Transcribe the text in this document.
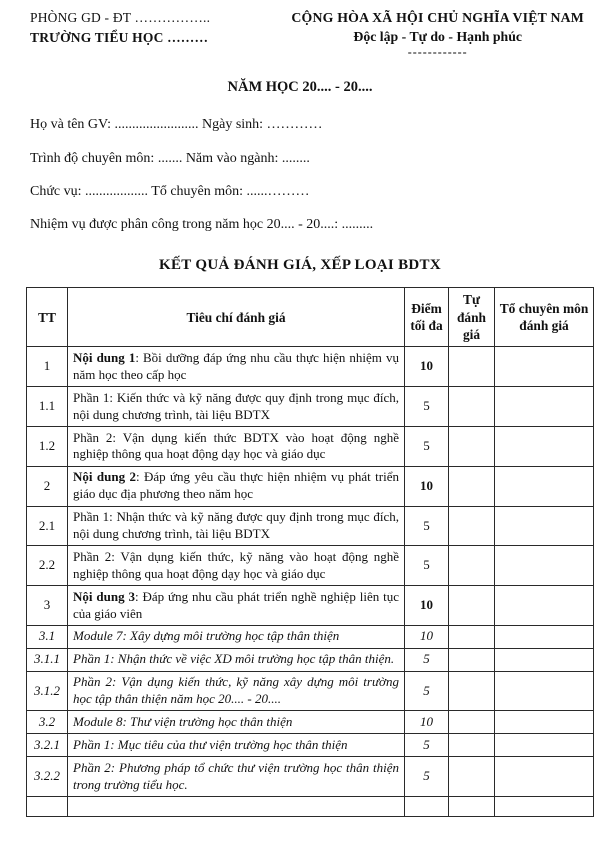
PHÒNG GD - ĐT ……………..
TRƯỜNG TIỂU HỌC ………
CỘNG HÒA XÃ HỘI CHỦ NGHĨA VIỆT NAM
Độc lập - Tự do - Hạnh phúc
------------
NĂM HỌC 20.... - 20....

Họ và tên GV: ........................ Ngày sinh: …………

Trình độ chuyên môn: ....... Năm vào ngành: ........

Chức vụ: .................. Tổ chuyên môn: ......………

Nhiệm vụ được phân công trong năm học 20.... - 20....: .........

KẾT QUẢ ĐÁNH GIÁ, XẾP LOẠI BDTX
TT	Tiêu chí đánh giá	Điểm tối đa	Tự đánh giá	Tổ chuyên môn đánh giá
1	Nội dung 1: Bồi dưỡng đáp ứng nhu cầu thực hiện nhiệm vụ năm học theo cấp học	10		
1.1	Phần 1: Kiến thức và kỹ năng được quy định trong mục đích, nội dung chương trình, tài liệu BDTX	5		
1.2	Phần 2: Vận dụng kiến thức BDTX vào hoạt động nghề nghiệp thông qua hoạt động dạy học và giáo dục	5		
2	Nội dung 2: Đáp ứng yêu cầu thực hiện nhiệm vụ phát triển giáo dục địa phương theo năm học	10		
2.1	Phần 1: Nhận thức và kỹ năng được quy định trong mục đích, nội dung chương trình, tài liệu BDTX	5		
2.2	Phần 2: Vận dụng kiến thức, kỹ năng vào hoạt động nghề nghiệp thông qua hoạt động dạy học và giáo dục	5		
3	Nội dung 3: Đáp ứng nhu cầu phát triển nghề nghiệp liên tục của giáo viên	10		
3.1	Module 7: Xây dựng môi trường học tập thân thiện	10		
3.1.1	Phần 1: Nhận thức về việc XD môi trường học tập thân thiện.	5		
3.1.2	Phần 2: Vận dụng kiến thức, kỹ năng xây dựng môi trường học tập thân thiện năm học 20.... - 20....	5		
3.2	Module 8: Thư viện trường học thân thiện	10		
3.2.1	Phần 1: Mục tiêu của thư viện trường học thân thiện	5		
3.2.2	Phần 2: Phương pháp tổ chức thư viện trường học thân thiện trong trường tiểu học.	5		
